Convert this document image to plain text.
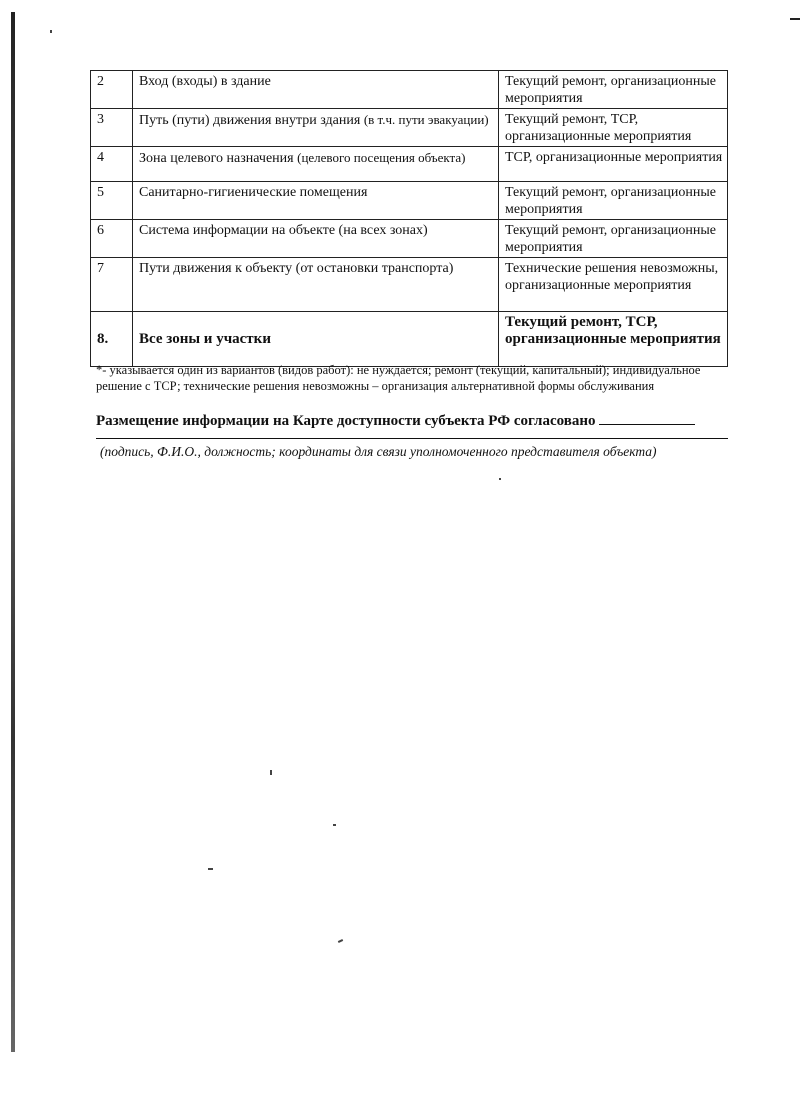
2	Вход (входы) в здание	Текущий ремонт, организационные мероприятия
3	Путь (пути) движения внутри здания (в т.ч. пути эвакуации)	Текущий ремонт, ТСР, организационные мероприятия
4	Зона целевого назначения (целевого посещения объекта)	ТСР, организационные мероприятия
5	Санитарно-гигиенические помещения	Текущий ремонт, организационные мероприятия
6	Система информации на объекте (на всех зонах)	Текущий ремонт, организационные мероприятия
7	Пути движения к объекту (от остановки транспорта)	Технические решения невозможны, организационные мероприятия
8.	Все зоны и участки	Текущий ремонт, ТСР, организационные мероприятия
*- указывается один из вариантов (видов работ): не нуждается; ремонт (текущий, капитальный); индивидуальное
решение с ТСР; технические решения невозможны – организация альтернативной формы обслуживания
Размещение информации на Карте доступности субъекта РФ согласовано
(подпись, Ф.И.О., должность; координаты для связи уполномоченного представителя объекта)
